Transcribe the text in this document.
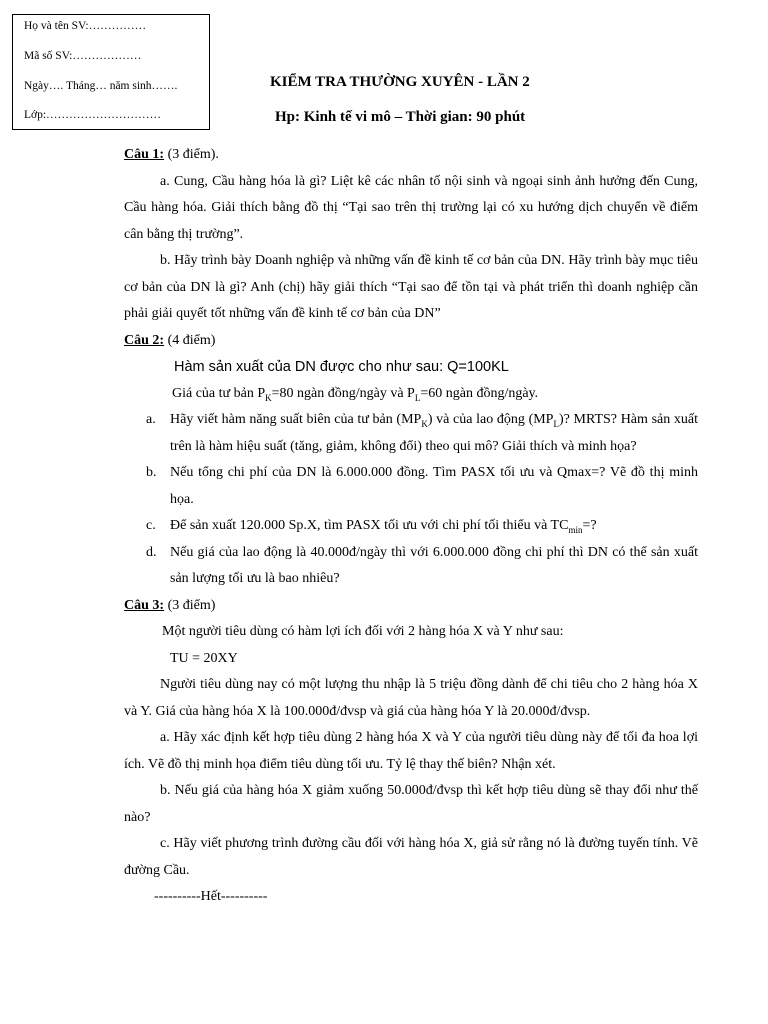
Họ và tên SV:……………
Mã số SV:………………
Ngày…. Tháng… năm sinh…….
Lớp:…………………………
KIỂM TRA THƯỜNG XUYÊN - LẦN 2
Hp: Kinh tế vi mô – Thời gian: 90 phút

Câu 1: (3 điểm).

a. Cung, Cầu hàng hóa là gì? Liệt kê các nhân tố nội sinh và ngoại sinh ảnh hưởng đến Cung, Cầu hàng hóa. Giải thích bằng đồ thị “Tại sao trên thị trường lại có xu hướng dịch chuyển về điểm cân bằng thị trường”.

b. Hãy trình bày Doanh nghiệp và những vấn đề kinh tế cơ bản của DN. Hãy trình bày mục tiêu cơ bản của DN là gì? Anh (chị) hãy giải thích “Tại sao để tồn tại và phát triển thì doanh nghiệp cần phải giải quyết tốt những vấn đề kinh tế cơ bản của DN”

Câu 2: (4 điểm)

Hàm sản xuất của DN được cho như sau: Q=100KL

Giá của tư bản $P_K=80$ ngàn đồng/ngày và $P_L=60$ ngàn đồng/ngày.

a. Hãy viết hàm năng suất biên của tư bản $(MP_K)$ và của lao động $(MP_L)$? MRTS? Hàm sản xuất trên là hàm hiệu suất (tăng, giảm, không đổi) theo qui mô? Giải thích và minh họa?
b. Nếu tổng chi phí của DN là 6.000.000 đồng. Tìm PASX tối ưu và Qmax=? Vẽ đồ thị minh họa.
c. Để sản xuất 120.000 Sp.X, tìm PASX tối ưu với chi phí tối thiểu và $TC_{min}=$?
d. Nếu giá của lao động là 40.000đ/ngày thì với 6.000.000 đồng chi phí thì DN có thể sản xuất sản lượng tối ưu là bao nhiêu?

Câu 3: (3 điểm)

Một người tiêu dùng có hàm lợi ích đối với 2 hàng hóa X và Y như sau:

TU = 20XY

Người tiêu dùng nay có một lượng thu nhập là 5 triệu đồng dành để chi tiêu cho 2 hàng hóa X và Y. Giá của hàng hóa X là 100.000đ/đvsp và giá của hàng hóa Y là 20.000đ/đvsp.

a. Hãy xác định kết hợp tiêu dùng 2 hàng hóa X và Y của người tiêu dùng này để tối đa hoa lợi ích. Vẽ đồ thị minh họa điểm tiêu dùng tối ưu. Tỷ lệ thay thế biên? Nhận xét.

b. Nếu giá của hàng hóa X giảm xuống 50.000đ/đvsp thì kết hợp tiêu dùng sẽ thay đổi như thế nào?

c. Hãy viết phương trình đường cầu đối với hàng hóa X, giả sử rằng nó là đường tuyến tính. Vẽ đường Cầu.

----------Hết----------
